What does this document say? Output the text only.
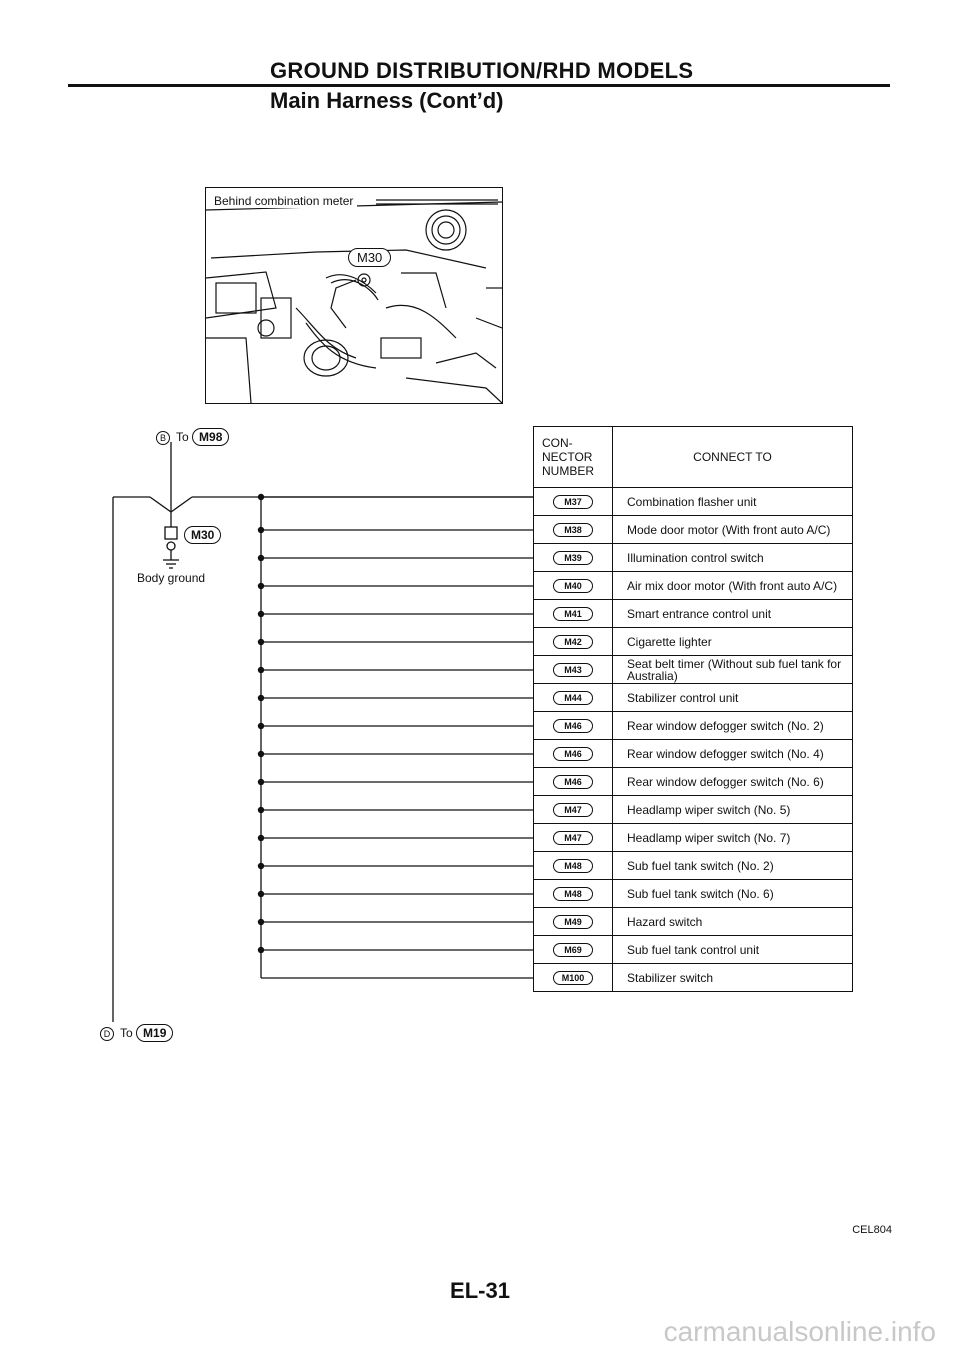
GROUND DISTRIBUTION/RHD MODELS
Main Harness (Cont’d)
Behind combination meter
M30
B To M98
M30
Body ground
D To M19
CON-
NECTOR
NUMBER	CONNECT TO
M37	Combination flasher unit
M38	Mode door motor (With front auto A/C)
M39	Illumination control switch
M40	Air mix door motor (With front auto A/C)
M41	Smart entrance control unit
M42	Cigarette lighter
M43	Seat belt timer (Without sub fuel tank for Australia)
M44	Stabilizer control unit
M46	Rear window defogger switch (No. 2)
M46	Rear window defogger switch (No. 4)
M46	Rear window defogger switch (No. 6)
M47	Headlamp wiper switch (No. 5)
M47	Headlamp wiper switch (No. 7)
M48	Sub fuel tank switch (No. 2)
M48	Sub fuel tank switch (No. 6)
M49	Hazard switch
M69	Sub fuel tank control unit
M100	Stabilizer switch
CEL804
EL-31
carmanualsonline.info
